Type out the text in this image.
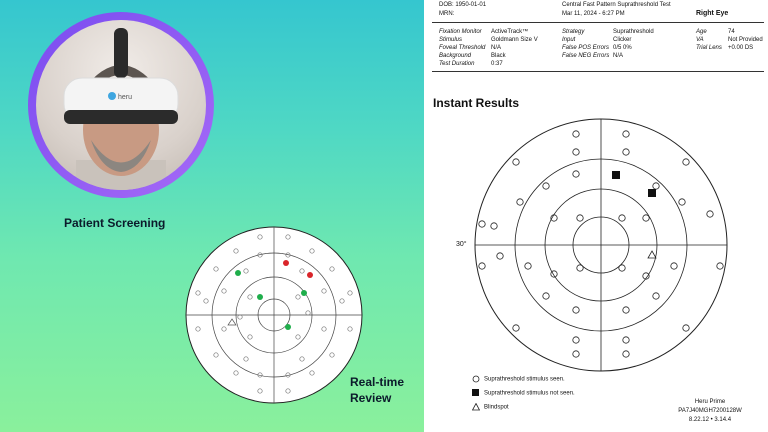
heru
Patient Screening
Real-time
Review
DOB: 1950-01-01
MRN:
Central Fast Pattern Suprathreshold Test
Mar 11, 2024 - 6:27 PM	Right Eye
Fixation Monitor ActiveTrack™
Stimulus	Goldmann Size V
Foveal Threshold N/A
Background	Black
Test Duration	0:37
Strategy	Suprathreshold
Input	Clicker
False POS Errors 0/5 0%
False NEG Errors N/A
Age	74
VA	Not Provided
Trial Lens +0.00 DS
Instant Results
30°
Suprathreshold stimulus seen.
Suprathreshold stimulus not seen.
Blindspot
Heru Prime
PA7J40MGH7200128W
8.22.12 • 3.14.4
